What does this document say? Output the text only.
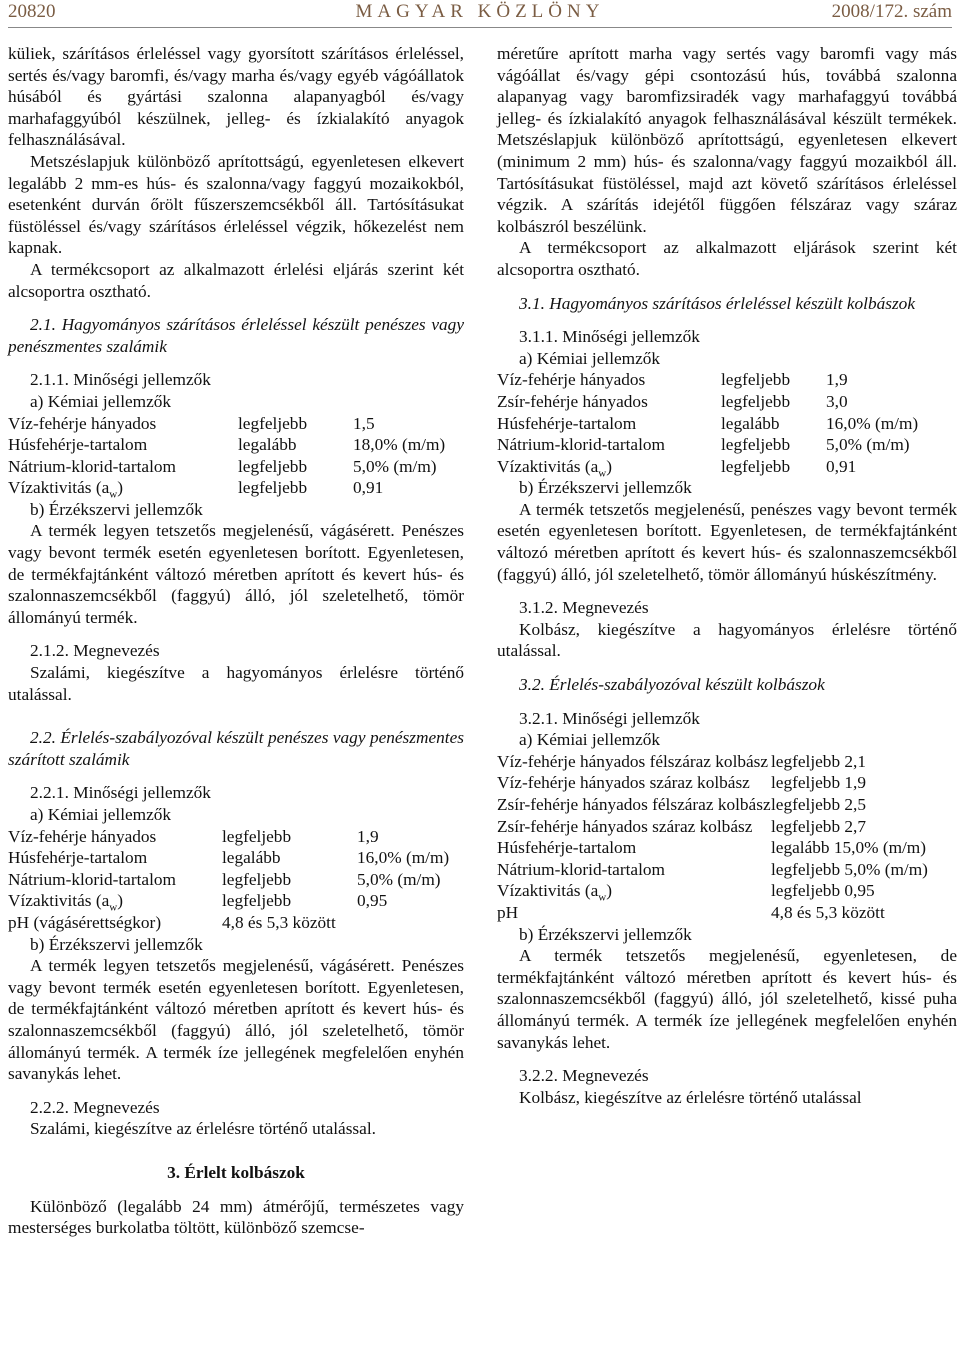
20820	MAGYAR KÖZLÖNY	2008/172. szám

küliek, szárításos érleléssel vagy gyorsított szárításos érleléssel, sertés és/vagy baromfi, és/vagy marha és/vagy egyéb vágóállatok húsából és gyártási szalonna alapanyagból és/vagy marhafaggyúból készülnek, jelleg- és ízkialakító anyagok felhasználásával.

Metszéslapjuk különböző aprítottságú, egyenletesen elkevert legalább 2 mm-es hús- és szalonna/vagy faggyú mozaikokból, esetenként durván őrölt fűszerszemcsékből áll. Tartósításukat füstöléssel és/vagy szárításos érleléssel végzik, hőkezelést nem kapnak.

A termékcsoport az alkalmazott érlelési eljárás szerint két alcsoportra osztható.

2.1. Hagyományos szárításos érleléssel készült penészes vagy penészmentes szalámik

2.1.1. Minőségi jellemzők

a) Kémiai jellemzők

Víz-fehérje hányados	legfeljebb	1,5
Húsfehérje-tartalom	legalább	18,0% (m/m)
Nátrium-klorid-tartalom	legfeljebb	5,0% (m/m)
Vízaktivitás $(a_w)$	legfeljebb	0,91

b) Érzékszervi jellemzők

A termék legyen tetszetős megjelenésű, vágásérett. Penészes vagy bevont termék esetén egyenletesen borított. Egyenletesen, de termékfajtánként változó méretben aprított és kevert hús- és szalonnaszemcsékből (faggyú) álló, jól szeletelhető, tömör állományú termék.

2.1.2. Megnevezés

Szalámi, kiegészítve a hagyományos érlelésre történő utalással.

2.2. Érlelés-szabályozóval készült penészes vagy penészmentes szárított szalámik

2.2.1. Minőségi jellemzők

a) Kémiai jellemzők

Víz-fehérje hányados	legfeljebb	1,9
Húsfehérje-tartalom	legalább	16,0% (m/m)
Nátrium-klorid-tartalom	legfeljebb	5,0% (m/m)
Vízaktivitás $(a_w)$	legfeljebb	0,95
pH (vágásérettségkor)	4,8 és 5,3 között	

b) Érzékszervi jellemzők

A termék legyen tetszetős megjelenésű, vágásérett. Penészes vagy bevont termék esetén egyenletesen borított. Egyenletesen, de termékfajtánként változó méretben aprított és kevert hús- és szalonnaszemcsékből (faggyú) álló, jól szeletelhető, tömör állományú termék. A termék íze jellegének megfelelően enyhén savanykás lehet.

2.2.2. Megnevezés

Szalámi, kiegészítve az érlelésre történő utalással.

3. Érlelt kolbászok

Különböző (legalább 24 mm) átmérőjű, természetes vagy mesterséges burkolatba töltött, különböző szemcse-

méretűre aprított marha vagy sertés vagy baromfi vagy más vágóállat és/vagy gépi csontozású hús, továbbá szalonna alapanyag vagy baromfizsiradék vagy marhafaggyú továbbá jelleg- és ízkialakító anyagok felhasználásával készült termékek. Metszéslapjuk különböző aprítottságú, egyenletesen elkevert (minimum 2 mm) hús- és szalonna/vagy faggyú mozaikból áll. Tartósításukat füstöléssel, majd azt követő szárításos érleléssel végzik. A szárítás idejétől függően félszáraz vagy száraz kolbászról beszélünk.

A termékcsoport az alkalmazott eljárások szerint két alcsoportra osztható.

3.1. Hagyományos szárításos érleléssel készült kolbászok

3.1.1. Minőségi jellemzők

a) Kémiai jellemzők

Víz-fehérje hányados	legfeljebb	1,9
Zsír-fehérje hányados	legfeljebb	3,0
Húsfehérje-tartalom	legalább	16,0% (m/m)
Nátrium-klorid-tartalom	legfeljebb	5,0% (m/m)
Vízaktivitás $(a_w)$	legfeljebb	0,91

b) Érzékszervi jellemzők

A termék tetszetős megjelenésű, penészes vagy bevont termék esetén egyenletesen borított. Egyenletesen, de termékfajtánként változó méretben aprított és kevert hús- és szalonnaszemcsékből (faggyú) álló, jól szeletelhető, tömör állományú húskészítmény.

3.1.2. Megnevezés

Kolbász, kiegészítve a hagyományos érlelésre történő utalással.

3.2. Érlelés-szabályozóval készült kolbászok

3.2.1. Minőségi jellemzők

a) Kémiai jellemzők

Víz-fehérje hányados félszáraz kolbász	legfeljebb 2,1
Víz-fehérje hányados száraz kolbász	legfeljebb 1,9
Zsír-fehérje hányados félszáraz kolbász	legfeljebb 2,5
Zsír-fehérje hányados száraz kolbász	legfeljebb 2,7
Húsfehérje-tartalom	legalább 15,0% (m/m)
Nátrium-klorid-tartalom	legfeljebb 5,0% (m/m)
Vízaktivitás $(a_w)$	legfeljebb 0,95
pH	4,8 és 5,3 között

b) Érzékszervi jellemzők

A termék tetszetős megjelenésű, egyenletesen, de termékfajtánként változó méretben aprított és kevert hús- és szalonnaszemcsékből (faggyú) álló, jól szeletelhető, kissé puha állományú termék. A termék íze jellegének megfelelően enyhén savanykás lehet.

3.2.2. Megnevezés

Kolbász, kiegészítve az érlelésre történő utalással
